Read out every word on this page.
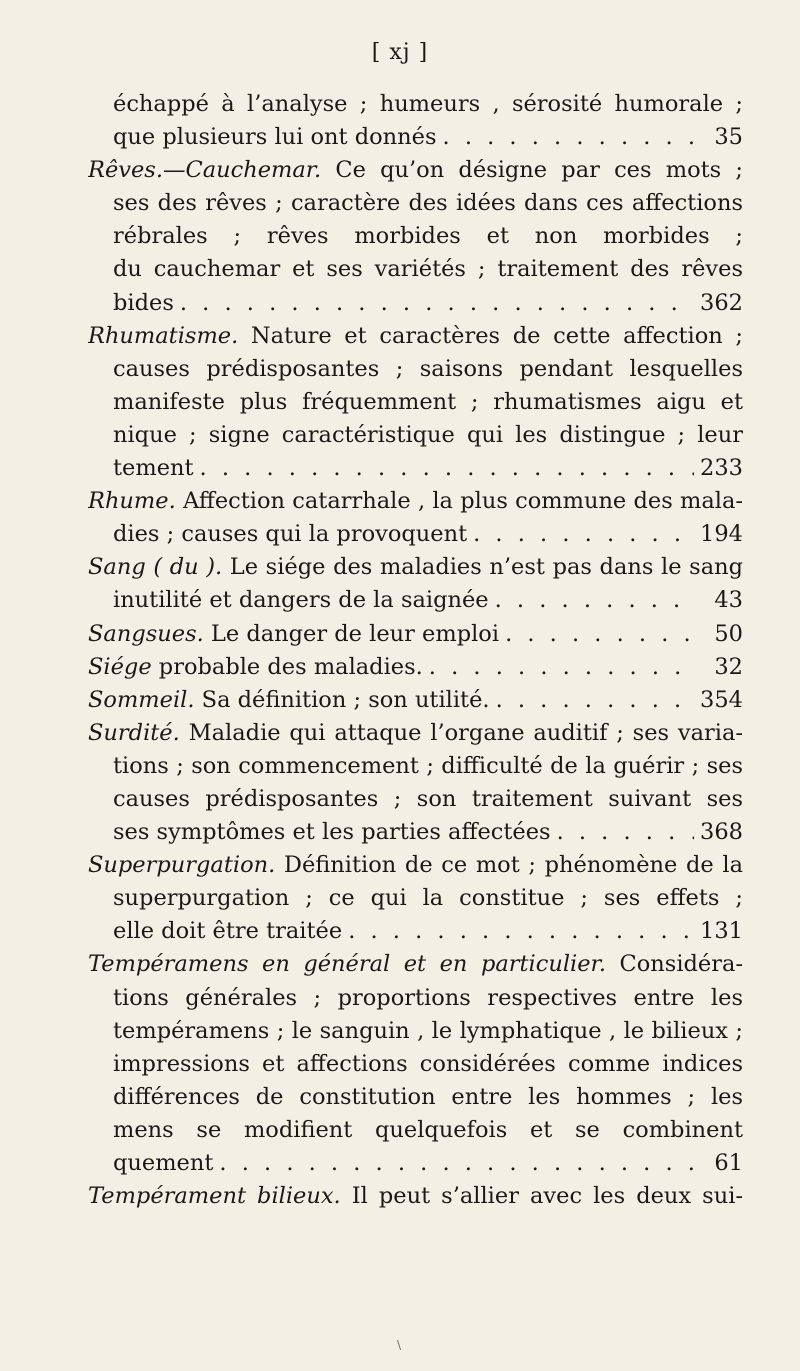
[ xj ]
échappé à l’analyse ; humeurs , sérosité humorale ;
que plusieurs lui ont donnés . . .	35
Rêves.—Cauchemar. Ce qu’on désigne par ces mots ;
ses des rêves ; caractère des idées dans ces affections
rébrales ; rêves morbides et non morbides ;
du cauchemar et ses variétés ; traitement des rêves
bides . . .	362
Rhumatisme. Nature et caractères de cette affection ;
causes prédisposantes ; saisons pendant lesquelles
manifeste plus fréquemment ; rhumatismes aigu et
nique ; signe caractéristique qui les distingue ; leur
tement . . .	233
Rhume. Affection catarrhale , la plus commune des mala-
dies ; causes qui la provoquent . . .	194
Sang ( du ). Le siége des maladies n’est pas dans le sang
inutilité et dangers de la saignée . . .	43
Sangsues. Le danger de leur emploi . . .	50
Siége probable des maladies. . . .	32
Sommeil. Sa définition ; son utilité. . . .	354
Surdité. Maladie qui attaque l’organe auditif ; ses varia-
tions ; son commencement ; difficulté de la guérir ; ses
causes prédisposantes ; son traitement suivant ses
ses symptômes et les parties affectées . . .	368
Superpurgation. Définition de ce mot ; phénomène de la
superpurgation ; ce qui la constitue ; ses effets ;
elle doit être traitée . . .	131
Tempéramens en général et en particulier. Considéra-
tions générales ; proportions respectives entre les
tempéramens ; le sanguin , le lymphatique , le bilieux ;
impressions et affections considérées comme indices
différences de constitution entre les hommes ; les
mens se modifient quelquefois et se combinent
quement . . .	61
Tempérament bilieux. Il peut s’allier avec les deux sui-
\
